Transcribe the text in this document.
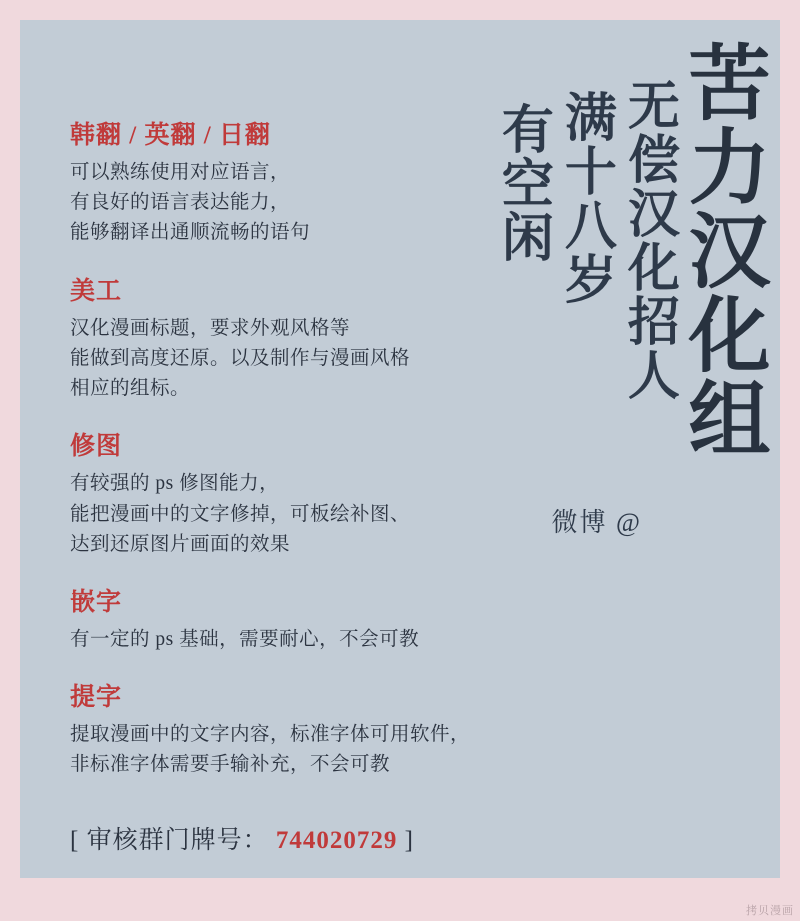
有空闲 满十八岁 无偿汉化招人 苦力汉化组
微博 @
韩翻 / 英翻 / 日翻
可以熟练使用对应语言，
有良好的语言表达能力，
能够翻译出通顺流畅的语句
美工
汉化漫画标题，要求外观风格等
能做到高度还原。以及制作与漫画风格
相应的组标。
修图
有较强的 ps 修图能力，
能把漫画中的文字修掉，可板绘补图、
达到还原图片画面的效果
嵌字
有一定的 ps 基础，需要耐心，不会可教
提字
提取漫画中的文字内容，标准字体可用软件，
非标准字体需要手输补充，不会可教
[ 审核群门牌号： 744020729 ]
拷贝漫画
